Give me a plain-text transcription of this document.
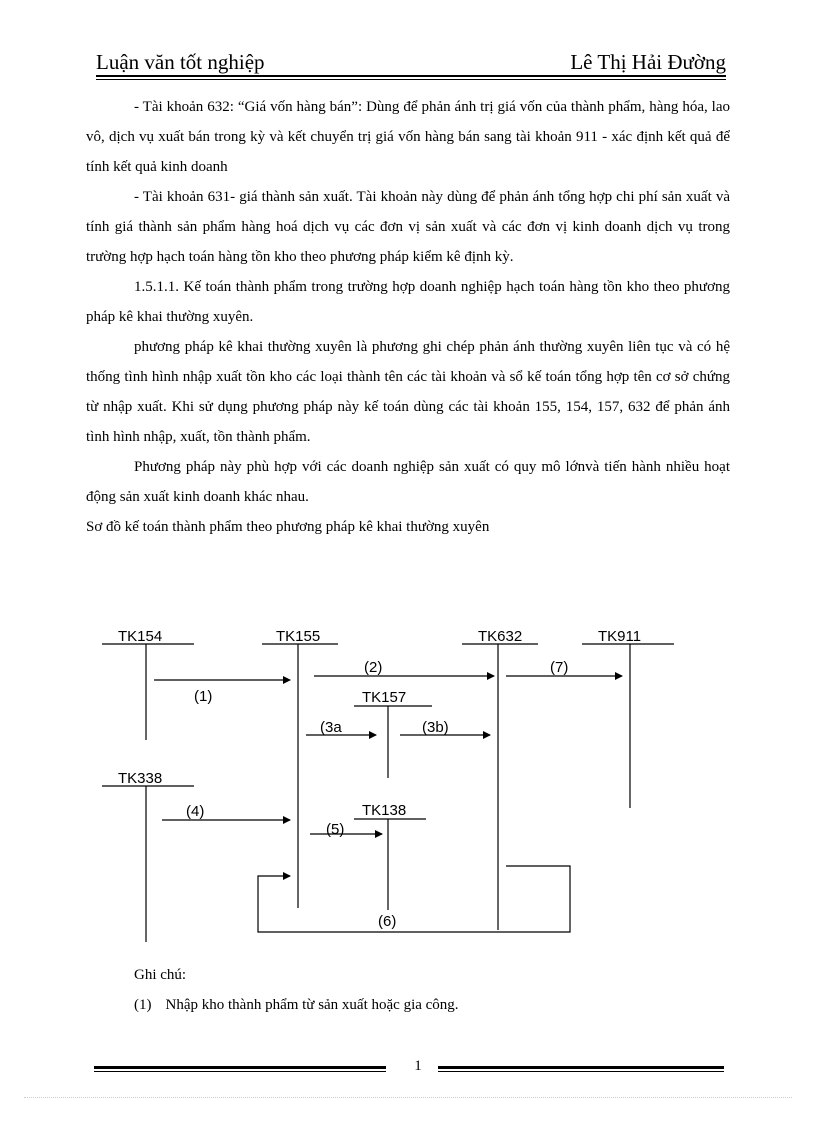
Luận văn tốt nghiệp	Lê Thị Hải Đường

- Tài khoản 632: “Giá vốn hàng bán”: Dùng để phản ánh trị giá vốn của thành phẩm, hàng hóa, lao vô, dịch vụ xuất bán trong kỳ và kết chuyển trị giá vốn hàng bán sang tài khoản 911 - xác định kết quả để tính kết quả kinh doanh

- Tài khoản 631- giá thành sản xuất. Tài khoản này dùng để phản ánh tổng hợp chi phí sản xuất và tính giá thành sản phẩm hàng hoá dịch vụ các đơn vị sản xuất và các đơn vị kinh doanh dịch vụ trong trường hợp hạch toán hàng tồn kho theo phương pháp kiểm kê định kỳ.

1.5.1.1. Kế toán thành phẩm trong trường hợp doanh nghiệp hạch toán hàng tồn kho theo phương pháp kê khai thường xuyên.

phương pháp kê khai thường xuyên là phương ghi chép phản ánh thường xuyên liên tục và có hệ thống tình hình nhập xuất tồn kho các loại thành tên các tài khoản và sổ kế toán tổng hợp tên cơ sở chứng từ nhập xuất. Khi sử dụng phương pháp này kế toán dùng các tài khoản 155, 154, 157, 632 để phản ánh tình hình nhập, xuất, tồn thành phẩm.

Phương pháp này phù hợp với các doanh nghiệp sản xuất có quy mô lớnvà tiến hành nhiều hoạt động sản xuất kinh doanh khác nhau.

Sơ đồ kế toán thành phẩm theo phương pháp kê khai thường xuyên

TK154	TK155	TK632	TK911
TK157
TK338
TK138
(1)
(2)	(7)
(3a	(3b)
(4)
(5)
(6)
Ghi chú:
(1) Nhập kho thành phẩm từ sản xuất hoặc gia công.
1
